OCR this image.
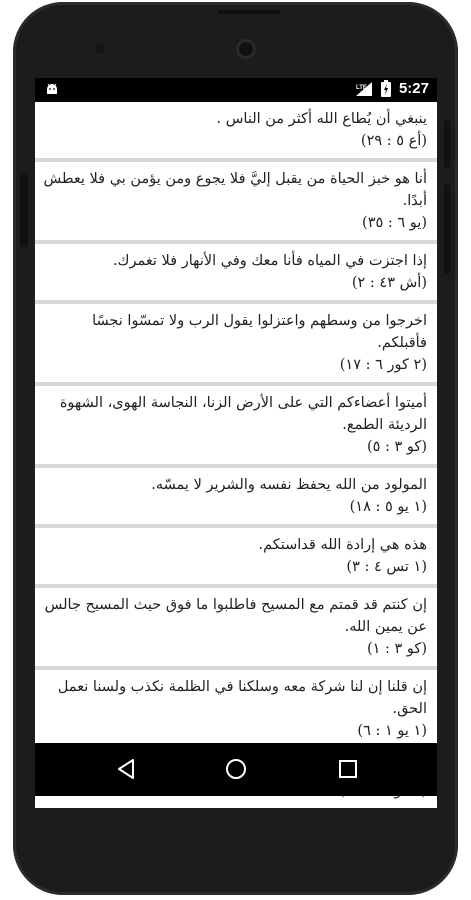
LTE 5:27
ينبغي أن يُطاع الله أكثر من الناس .
(أع ٥ : ٢٩)
أنا هو خبز الحياة من يقبل إليَّ فلا يجوع ومن يؤمن بي فلا يعطش أبدًا.
(يو ٦ : ٣٥)
إذا اجتزت في المياه فأنا معك وفي الأنهار فلا تغمرك.
(أش ٤٣ : ٢)
اخرجوا من وسطهم واعتزلوا يقول الرب ولا تمسّوا نجسًا فأقبلكم.
(٢ كور ٦ : ١٧)
أميتوا أعضاءكم التي على الأرض الزنا، النجاسة الهوى، الشهوة الرديئة الطمع.
(كو ٣ : ٥)
المولود من الله يحفظ نفسه والشرير لا يمسّه.
(١ يو ٥ : ١٨)
هذه هي إرادة الله قداستكم.
(١ تس ٤ : ٣)
إن كنتم قد قمتم مع المسيح فاطلبوا ما فوق حيث المسيح جالس عن يمين الله.
(كو ٣ : ١)
إن قلنا إن لنا شركة معه وسلكنا في الظلمة نكذب ولسنا نعمل الحق.
(١ يو ١ : ٦)
